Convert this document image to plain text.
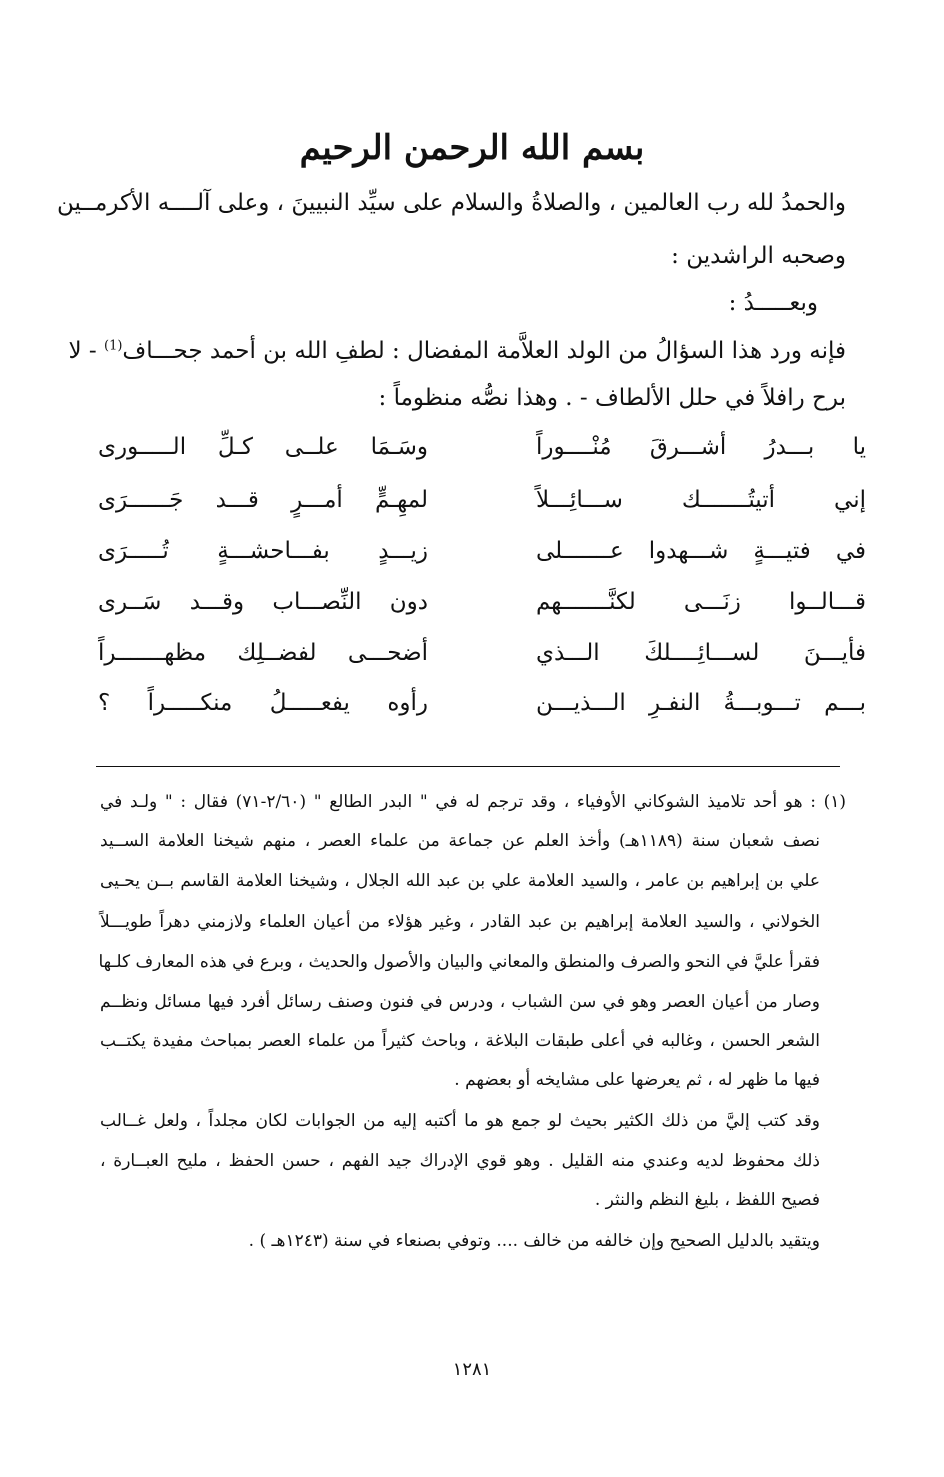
بسم الله الرحمن الرحيم
والحمدُ لله رب العالمين ، والصلاةُ والسلام على سيِّد النبيينَ ، وعلى آلــــه الأكرمــين
وصحبه الراشدين :
وبعـــــدُ :
فإنه ورد هذا السؤالُ من الولد العلاَّمة المفضال : لطفِ الله بن أحمد جحـــاف$^{(1)}$ - لا
برح رافلاً في حلل الألطاف - . وهذا نصُّه منظوماً :
يا بـــدرُ أشـــرقَ مُنْــــوراً
وسَـمَا علــى كـلِّ الـــــورى
إني أتيتُـــــــك ســـائِـــلاً
لمهِـمٍّ أمـــرٍ قـــد جَــــــرَى
في فتيـــةٍ شـــهدوا عـــــــلى
زيـــدٍ بفـــاحشـــةٍ تُـــــرَى
قـــالــوا زنَـــى لكنَّـــــــهم
دون النِّصـــاب وقـــد سَــرى
فأيـــنَ لســـائِــــلكَ الـــذي
أضحـــى لفضــلِك مظهـــــــراً
بـــم تـــوبـــةُ النفـرِ الـــذيـــن
رأوه يفعـــــلُ منكـــــراً ؟
(١) : هو أحد تلاميذ الشوكاني الأوفياء ، وقد ترجم له في " البدر الطالع " (٢/٦٠-٧١) فقال : " ولـد في
نصف شعبان سنة (١١٨٩هـ) وأخذ العلم عن جماعة من علماء العصر ، منهم شيخنا العلامة الســيد
علي بن إبراهيم بن عامر ، والسيد العلامة علي بن عبد الله الجلال ، وشيخنا العلامة القاسم بــن يحـيى
الخولاني ، والسيد العلامة إبراهيم بن عبد القادر ، وغير هؤلاء من أعيان العلماء ولازمني دهراً طويـــلاً
فقرأ عليَّ في النحو والصرف والمنطق والمعاني والبيان والأصول والحديث ، وبرع في هذه المعارف كلـها
وصار من أعيان العصر وهو في سن الشباب ، ودرس في فنون وصنف رسائل أفرد فيها مسائل ونظــم
الشعر الحسن ، وغالبه في أعلى طبقات البلاغة ، وباحث كثيراً من علماء العصر بمباحث مفيدة يكتــب
فيها ما ظهر له ، ثم يعرضها على مشايخه أو بعضهم .
وقد كتب إليَّ من ذلك الكثير بحيث لو جمع هو ما أكتبه إليه من الجوابات لكان مجلداً ، ولعل غــالب
ذلك محفوظ لديه وعندي منه القليل . وهو قوي الإدراك جيد الفهم ، حسن الحفظ ، مليح العبــارة ،
فصيح اللفظ ، بليغ النظم والنثر .
ويتقيد بالدليل الصحيح وإن خالفه من خالف .... وتوفي بصنعاء في سنة (١٢٤٣هـ ) .
١٢٨١
